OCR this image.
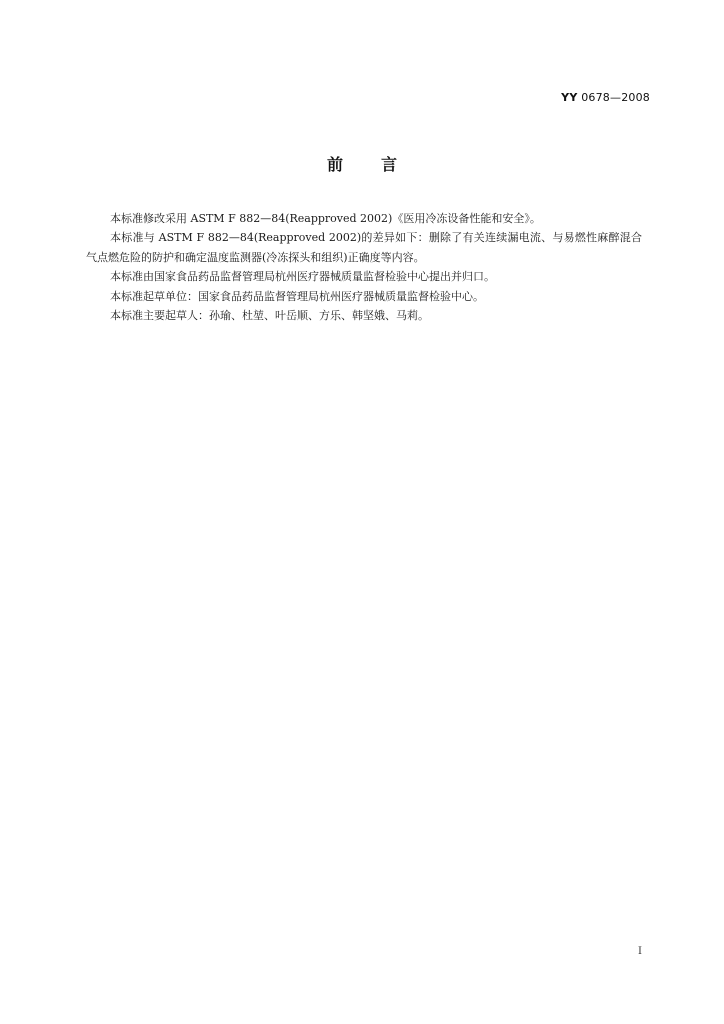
YY 0678—2008
前言

本标准修改采用 ASTM F 882—84(Reapproved 2002)《医用冷冻设备性能和安全》。

本标准与 ASTM F 882—84(Reapproved 2002)的差异如下：删除了有关连续漏电流、与易燃性麻醉混合气点燃危险的防护和确定温度监测器(冷冻探头和组织)正确度等内容。

本标准由国家食品药品监督管理局杭州医疗器械质量监督检验中心提出并归口。

本标准起草单位：国家食品药品监督管理局杭州医疗器械质量监督检验中心。

本标准主要起草人：孙瑜、杜堃、叶岳顺、方乐、韩坚娥、马莉。

I
